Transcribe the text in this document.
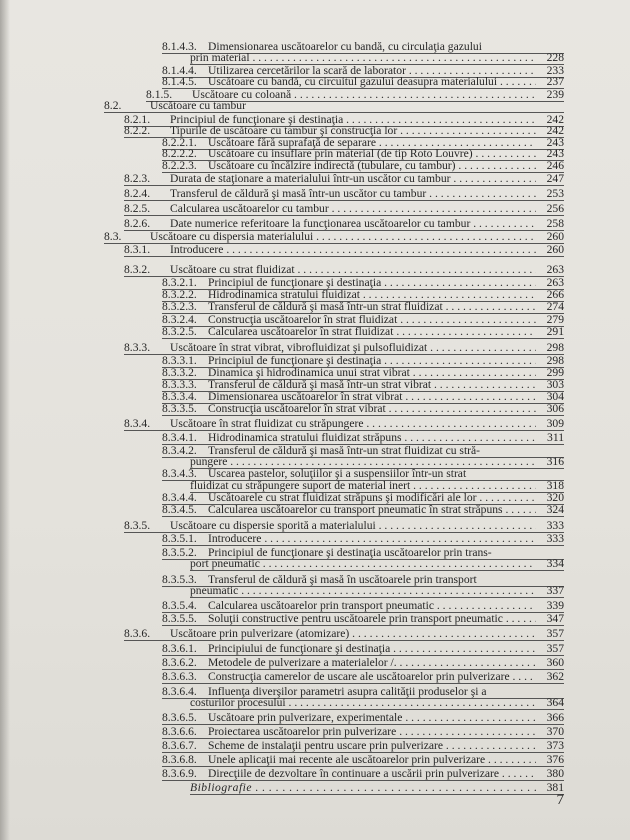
8.1.4.3. Dimensionarea uscătoarelor cu bandă, cu circulaţia gazului
prin material . . .	228
8.1.4.4. Utilizarea cercetărilor la scară de laborator . . .	233
8.1.4.5. Uscătoare cu bandă, cu circuitul gazului deasupra materialului . . .	237
8.1.5.	Uscătoare cu coloană . . .	239
8.2.	Uscătoare cu tambur
8.2.1.	Principiul de funcţionare şi destinaţia . . .	242
8.2.2.	Tipurile de uscătoare cu tambur şi construcţia lor . . .	242
8.2.2.1. Uscătoare fără suprafaţă de separare . . .	243
8.2.2.2. Uscătoare cu insuflare prin material (de tip Roto Louvre) . . .	243
8.2.2.3. Uscătoare cu încălzire indirectă (tubulare, cu tambur) . . .	246
8.2.3.	Durata de staţionare a materialului într-un uscător cu tambur . . .	247
8.2.4.	Transferul de căldură şi masă într-un uscător cu tambur . . .	253
8.2.5.	Calcularea uscătoarelor cu tambur . . .	256
8.2.6.	Date numerice referitoare la funcţionarea uscătoarelor cu tambur . . .	258
8.3.	Uscătoare cu dispersia materialului . . .	260
8.3.1.	Introducere . . .	260
8.3.2.	Uscătoare cu strat fluidizat . . .	263
8.3.2.1. Principiul de funcţionare şi destinaţia . . .	263
8.3.2.2. Hidrodinamica stratului fluidizat . . .	266
8.3.2.3. Transferul de căldură şi masă într-un strat fluidizat . . .	274
8.3.2.4. Construcţia uscătoarelor în strat fluidizat . . .	279
8.3.2.5. Calcularea uscătoarelor în strat fluidizat . . .	291
8.3.3.	Uscătoare în strat vibrat, vibrofluidizat şi pulsofluidizat . . .	298
8.3.3.1. Principiul de funcţionare şi destinaţia . . .	298
8.3.3.2. Dinamica şi hidrodinamica unui strat vibrat . . .	299
8.3.3.3. Transferul de căldură şi masă într-un strat vibrat . . .	303
8.3.3.4. Dimensionarea uscătoarelor în strat vibrat . . .	304
8.3.3.5. Construcţia uscătoarelor în strat vibrat . . .	306
8.3.4.	Uscătoare în strat fluidizat cu străpungere . . .	309
8.3.4.1. Hidrodinamica stratului fluidizat străpuns . . .	311
8.3.4.2. Transferul de căldură şi masă într-un strat fluidizat cu stră-
pungere . . .	316
8.3.4.3. Uscarea pastelor, soluţiilor şi a suspensiilor într-un strat
fluidizat cu străpungere suport de material inert . . .	318
8.3.4.4. Uscătoarele cu strat fluidizat străpuns şi modificări ale lor . . .	320
8.3.4.5. Calcularea uscătoarelor cu transport pneumatic în strat străpuns . . .	324
8.3.5.	Uscătoare cu dispersie sporită a materialului . . .	333
8.3.5.1. Introducere . . .	333
8.3.5.2. Principiul de funcţionare şi destinaţia uscătoarelor prin trans-
port pneumatic . . .	334
8.3.5.3. Transferul de căldură şi masă în uscătoarele prin transport
pneumatic . . .	337
8.3.5.4. Calcularea uscătoarelor prin transport pneumatic . . .	339
8.3.5.5. Soluţii constructive pentru uscătoarele prin transport pneumatic . . .	347
8.3.6.	Uscătoare prin pulverizare (atomizare) . . .	357
8.3.6.1. Principiului de funcţionare şi destinaţia . . .	357
8.3.6.2. Metodele de pulverizare a materialelor /. . . .	360
8.3.6.3. Construcţia camerelor de uscare ale uscătoarelor prin pulverizare . . .	362
8.3.6.4. Influenţa diverşilor parametri asupra calităţii produselor şi a
costurilor procesului . . .	364
8.3.6.5. Uscătoare prin pulverizare, experimentale . . .	366
8.3.6.6. Proiectarea uscătoarelor prin pulverizare . . .	370
8.3.6.7. Scheme de instalaţii pentru uscare prin pulverizare . . .	373
8.3.6.8. Unele aplicaţii mai recente ale uscătoarelor prin pulverizare . . .	376
8.3.6.9. Direcţiile de dezvoltare în continuare a uscării prin pulverizare . . .	380
Bibliografie . . .	381
7
